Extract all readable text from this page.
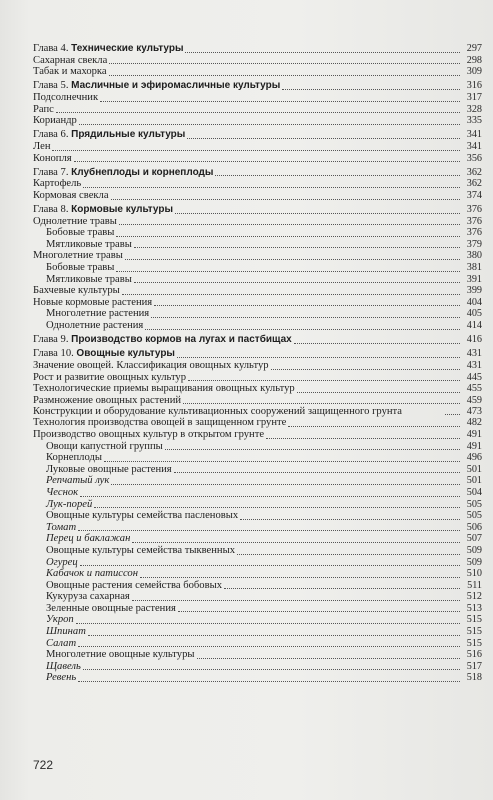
Глава 4. Технические культуры	297
Сахарная свекла	298
Табак и махорка	309
Глава 5. Масличные и эфиромасличные культуры	316
Подсолнечник	317
Рапс	328
Кориандр	335
Глава 6. Прядильные культуры	341
Лен	341
Конопля	356
Глава 7. Клубнеплоды и корнеплоды	362
Картофель	362
Кормовая свекла	374
Глава 8. Кормовые культуры	376
Однолетние травы	376
Бобовые травы	376
Мятликовые травы	379
Многолетние травы	380
Бобовые травы	381
Мятликовые травы	391
Бахчевые культуры	399
Новые кормовые растения	404
Многолетние растения	405
Однолетние растения	414
Глава 9. Производство кормов на лугах и пастбищах	416
Глава 10. Овощные культуры	431
Значение овощей. Классификация овощных культур	431
Рост и развитие овощных культур	445
Технологические приемы выращивания овощных культур	455
Размножение овощных растений	459
Конструкции и оборудование культивационных сооружений защищенного грунта	473
Технология производства овощей в защищенном грунте	482
Производство овощных культур в открытом грунте	491
Овощи капустной группы	491
Корнеплоды	496
Луковые овощные растения	501
Репчатый лук	501
Чеснок	504
Лук-порей	505
Овощные культуры семейства пасленовых	505
Томат	506
Перец и баклажан	507
Овощные культуры семейства тыквенных	509
Огурец	509
Кабачок и патиссон	510
Овощные растения семейства бобовых	511
Кукуруза сахарная	512
Зеленные овощные растения	513
Укроп	515
Шпинат	515
Салат	515
Многолетние овощные культуры	516
Щавель	517
Ревень	518
722
